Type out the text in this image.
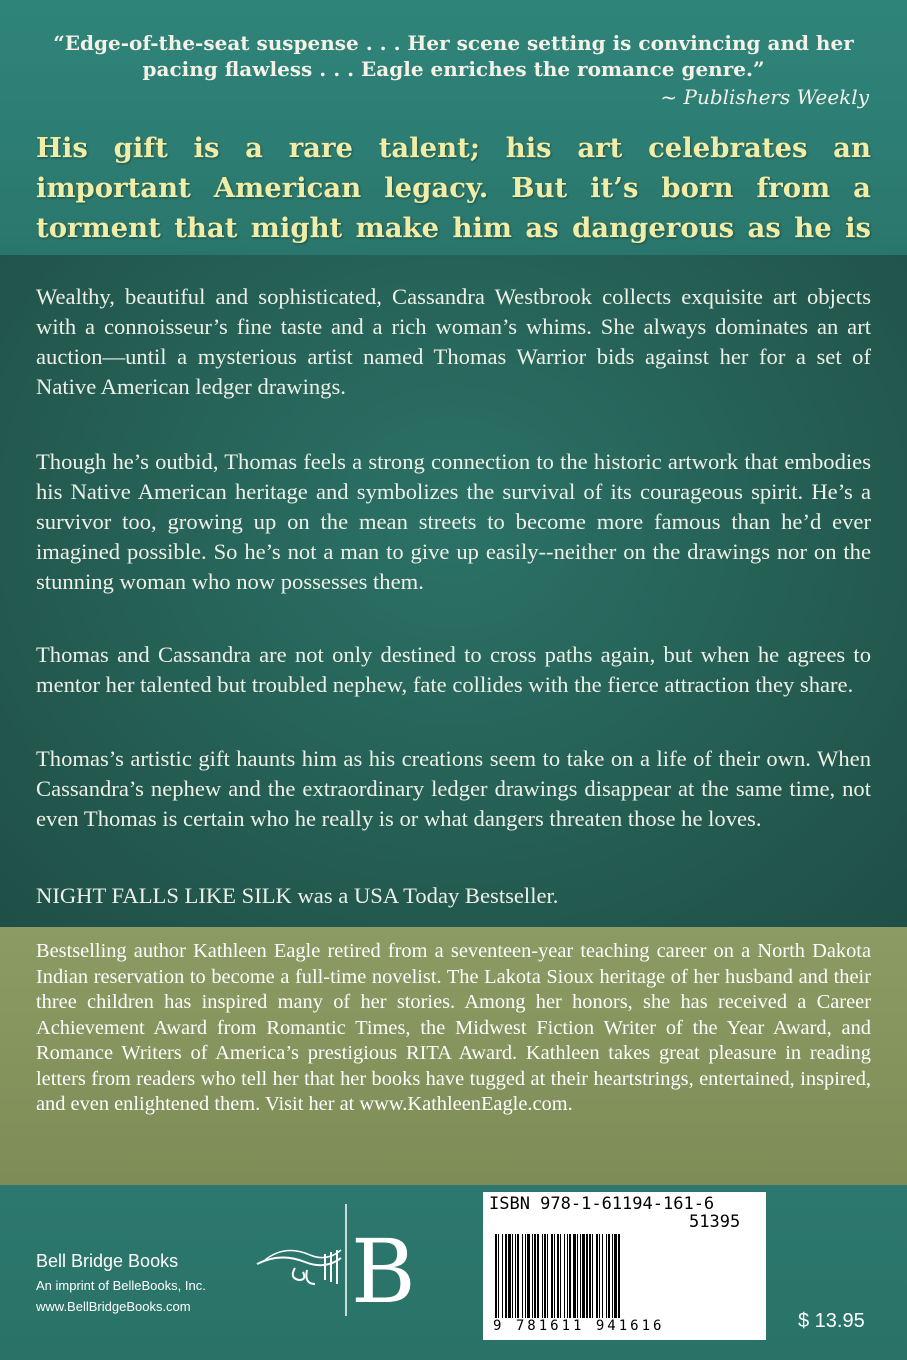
“Edge-of-the-seat suspense . . . Her scene setting is convincing and her pacing flawless . . . Eagle enriches the romance genre.”
~ Publishers Weekly
His gift is a rare talent; his art celebrates an important American legacy. But it’s born from a torment that might make him as dangerous as he is

Wealthy, beautiful and sophisticated, Cassandra Westbrook collects exquisite art objects with a connoisseur’s fine taste and a rich woman’s whims. She always dominates an art auction—until a mysterious artist named Thomas Warrior bids against her for a set of Native American ledger drawings.

Though he’s outbid, Thomas feels a strong connection to the historic artwork that embodies his Native American heritage and symbolizes the survival of its courageous spirit. He’s a survivor too, growing up on the mean streets to become more famous than he’d ever imagined possible. So he’s not a man to give up easily--neither on the drawings nor on the stunning woman who now possesses them.

Thomas and Cassandra are not only destined to cross paths again, but when he agrees to mentor her talented but troubled nephew, fate collides with the fierce attraction they share.

Thomas’s artistic gift haunts him as his creations seem to take on a life of their own. When Cassandra’s nephew and the extraordinary ledger drawings disappear at the same time, not even Thomas is certain who he really is or what dangers threaten those he loves.

NIGHT FALLS LIKE SILK was a USA Today Bestseller.

Bestselling author Kathleen Eagle retired from a seventeen-year teaching career on a North Dakota Indian reservation to become a full-time novelist. The Lakota Sioux heritage of her husband and their three children has inspired many of her stories. Among her honors, she has received a Career Achievement Award from Romantic Times, the Midwest Fiction Writer of the Year Award, and Romance Writers of America’s prestigious RITA Award. Kathleen takes great pleasure in reading letters from readers who tell her that her books have tugged at their heartstrings, entertained, inspired, and even enlightened them. Visit her at www.KathleenEagle.com.

Bell Bridge Books
An imprint of BelleBooks, Inc.
www.BellBridgeBooks.com B
ISBN 978-1-61194-161-6
51395
9 781611 941616	$ 13.95
